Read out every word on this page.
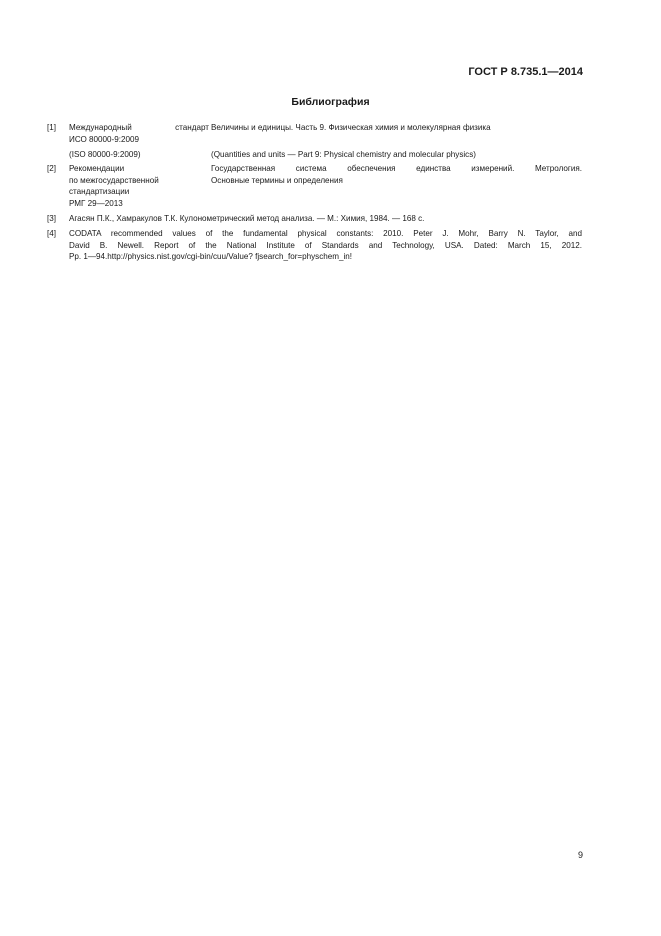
ГОСТ Р 8.735.1—2014
Библиография
[1] Международный стандарт
ИСО 80000-9:2009
Величины и единицы. Часть 9. Физическая химия и молекулярная физика
(ISO 80000-9:2009)	(Quantities and units — Part 9: Physical chemistry and molecular physics)
[2] Рекомендации
по межгосударственной
стандартизации
РМГ 29—2013
Государственная система обеспечения единства измерений. Метрология.
Основные термины и определения
[3] Агасян П.К., Хамракулов Т.К. Кулонометрический метод анализа. — М.: Химия, 1984. — 168 с.
[4] CODATA recommended values of the fundamental physical constants: 2010. Peter J. Mohr, Barry N. Taylor, and
David B. Newell. Report of the National Institute of Standards and Technology, USA. Dated: March 15, 2012.
Pp. 1—94.http://physics.nist.gov/cgi-bin/cuu/Value? fjsearch_for=physchem_in!
9
